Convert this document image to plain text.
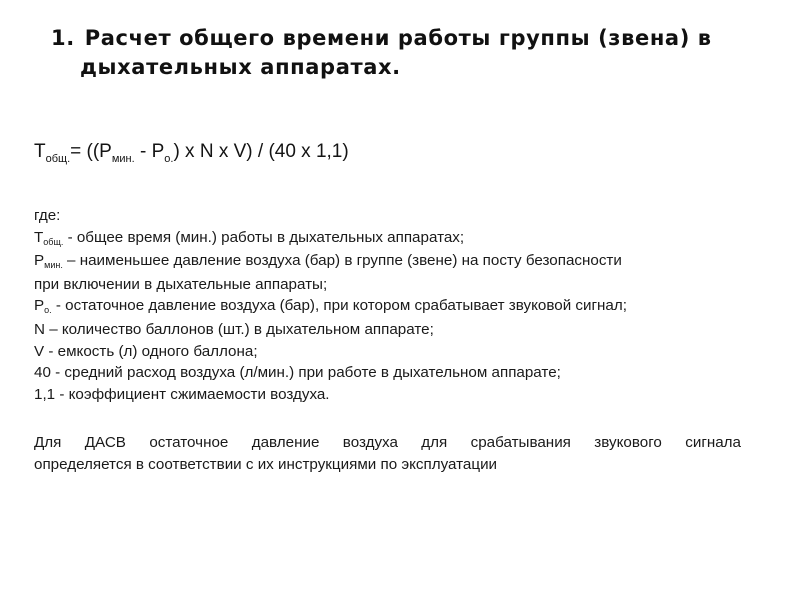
1. Расчет общего времени работы группы (звена) в
дыхательных аппаратах.
$Т_{общ.}= ((Р_{мин.} - Р_{о.})$ x N x V) / (40 x 1,1)
где:
Тобщ. - общее время (мин.) работы в дыхательных аппаратах;
Рмин. – наименьшее давление воздуха (бар) в группе (звене) на посту безопасности
при включении в дыхательные аппараты;
Ро. - остаточное давление воздуха (бар), при котором срабатывает звуковой сигнал;
N – количество баллонов (шт.) в дыхательном аппарате;
V - емкость (л) одного баллона;
40 - средний расход воздуха (л/мин.) при работе в дыхательном аппарате;
1,1 - коэффициент сжимаемости воздуха.
Для ДАСВ остаточное давление воздуха для срабатывания звукового сигнала
определяется в соответствии с их инструкциями по эксплуатации
